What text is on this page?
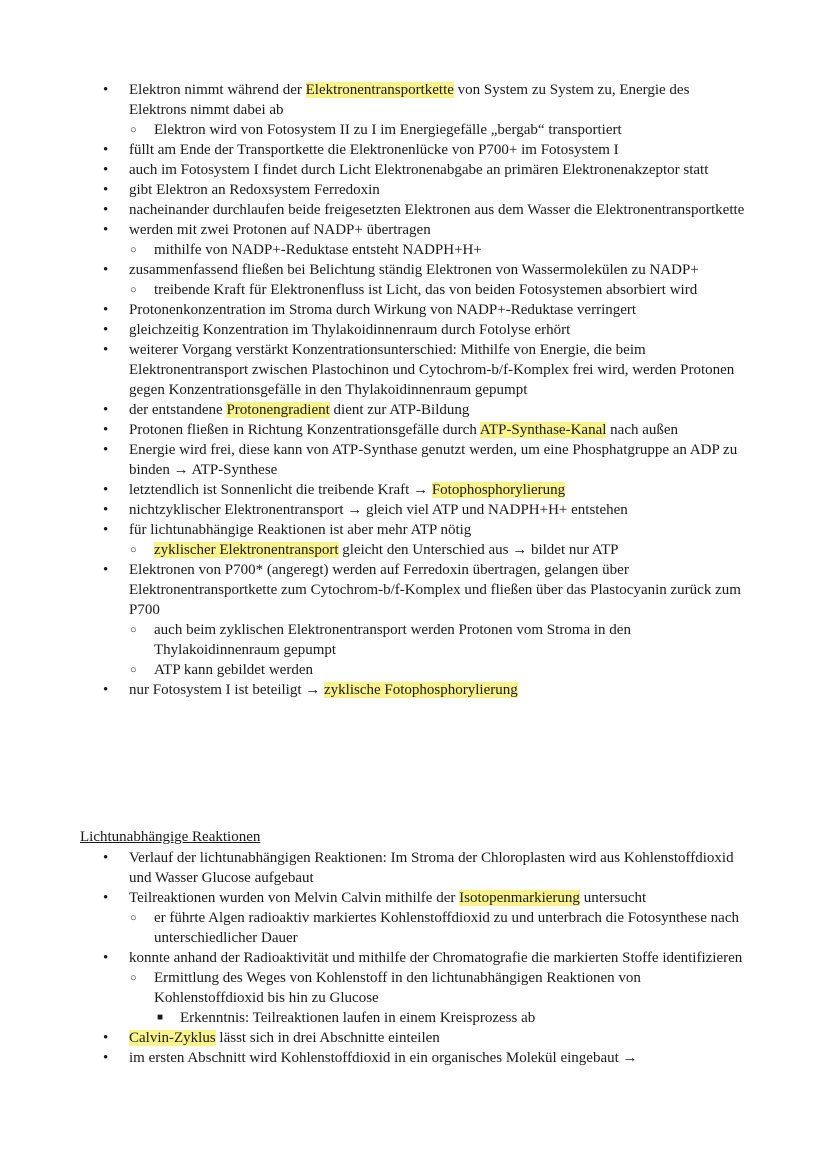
• Elektron nimmt während der Elektronentransportkette von System zu System zu, Energie des Elektrons nimmt dabei ab

○ Elektron wird von Fotosystem II zu I im Energiegefälle „bergab“ transportiert

• füllt am Ende der Transportkette die Elektronenlücke von P700+ im Fotosystem I

• auch im Fotosystem I findet durch Licht Elektronenabgabe an primären Elektronenakzeptor statt

• gibt Elektron an Redoxsystem Ferredoxin

• nacheinander durchlaufen beide freigesetzten Elektronen aus dem Wasser die Elektronentransportkette

• werden mit zwei Protonen auf NADP+ übertragen

○ mithilfe von NADP+-Reduktase entsteht NADPH+H+

• zusammenfassend fließen bei Belichtung ständig Elektronen von Wassermolekülen zu NADP+

○ treibende Kraft für Elektronenfluss ist Licht, das von beiden Fotosystemen absorbiert wird

• Protonenkonzentration im Stroma durch Wirkung von NADP+-Reduktase verringert

• gleichzeitig Konzentration im Thylakoidinnenraum durch Fotolyse erhört

• weiterer Vorgang verstärkt Konzentrationsunterschied: Mithilfe von Energie, die beim Elektronentransport zwischen Plastochinon und Cytochrom-b/f-Komplex frei wird, werden Protonen gegen Konzentrationsgefälle in den Thylakoidinnenraum gepumpt

• der entstandene Protonengradient dient zur ATP-Bildung

• Protonen fließen in Richtung Konzentrationsgefälle durch ATP-Synthase-Kanal nach außen

• Energie wird frei, diese kann von ATP-Synthase genutzt werden, um eine Phosphatgruppe an ADP zu binden → ATP-Synthese

• letztendlich ist Sonnenlicht die treibende Kraft → Fotophosphorylierung

• nichtzyklischer Elektronentransport → gleich viel ATP und NADPH+H+ entstehen

• für lichtunabhängige Reaktionen ist aber mehr ATP nötig

○ zyklischer Elektronentransport gleicht den Unterschied aus → bildet nur ATP

• Elektronen von P700* (angeregt) werden auf Ferredoxin übertragen, gelangen über Elektronentransportkette zum Cytochrom-b/f-Komplex und fließen über das Plastocyanin zurück zum P700

○ auch beim zyklischen Elektronentransport werden Protonen vom Stroma in den Thylakoidinnenraum gepumpt

○ ATP kann gebildet werden

• nur Fotosystem I ist beteiligt → zyklische Fotophosphorylierung

Lichtunabhängige Reaktionen

• Verlauf der lichtunabhängigen Reaktionen: Im Stroma der Chloroplasten wird aus Kohlenstoffdioxid und Wasser Glucose aufgebaut

• Teilreaktionen wurden von Melvin Calvin mithilfe der Isotopenmarkierung untersucht

○ er führte Algen radioaktiv markiertes Kohlenstoffdioxid zu und unterbrach die Fotosynthese nach unterschiedlicher Dauer

• konnte anhand der Radioaktivität und mithilfe der Chromatografie die markierten Stoffe identifizieren

○ Ermittlung des Weges von Kohlenstoff in den lichtunabhängigen Reaktionen von Kohlenstoffdioxid bis hin zu Glucose

■ Erkenntnis: Teilreaktionen laufen in einem Kreisprozess ab

• Calvin-Zyklus lässt sich in drei Abschnitte einteilen

• im ersten Abschnitt wird Kohlenstoffdioxid in ein organisches Molekül eingebaut →
